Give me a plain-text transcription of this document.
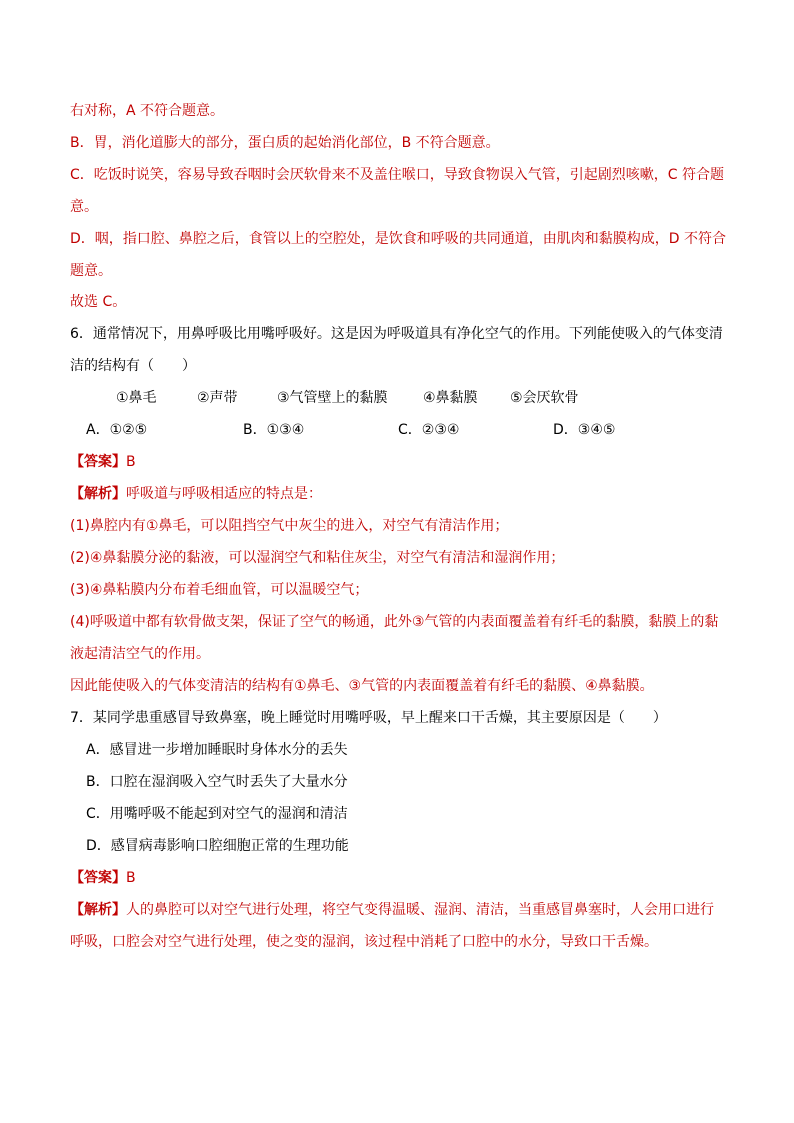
右对称，A 不符合题意。
B．胃，消化道膨大的部分，蛋白质的起始消化部位，B 不符合题意。
C．吃饭时说笑，容易导致吞咽时会厌软骨来不及盖住喉口，导致食物误入气管，引起剧烈咳嗽，C 符合题
意。
D．咽，指口腔、鼻腔之后，食管以上的空腔处，是饮食和呼吸的共同通道，由肌肉和黏膜构成，D 不符合
题意。
故选 C。
6．通常情况下，用鼻呼吸比用嘴呼吸好。这是因为呼吸道具有净化空气的作用。下列能使吸入的气体变清
洁的结构有（　　）
①鼻毛	②声带	③气管壁上的黏膜	④鼻黏膜 ⑤会厌软骨
A．①②⑤	B．①③④	C．②③④	D．③④⑤
【答案】B
【解析】呼吸道与呼吸相适应的特点是：
(1)鼻腔内有①鼻毛，可以阻挡空气中灰尘的进入，对空气有清洁作用；
(2)④鼻黏膜分泌的黏液，可以湿润空气和粘住灰尘，对空气有清洁和湿润作用；
(3)④鼻粘膜内分布着毛细血管，可以温暖空气；
(4)呼吸道中都有软骨做支架，保证了空气的畅通，此外③气管的内表面覆盖着有纤毛的黏膜，黏膜上的黏
液起清洁空气的作用。
因此能使吸入的气体变清洁的结构有①鼻毛、③气管的内表面覆盖着有纤毛的黏膜、④鼻黏膜。
7．某同学患重感冒导致鼻塞，晚上睡觉时用嘴呼吸，早上醒来口干舌燥，其主要原因是（　　）
A．感冒进一步增加睡眠时身体水分的丢失
B．口腔在湿润吸入空气时丢失了大量水分
C．用嘴呼吸不能起到对空气的湿润和清洁
D．感冒病毒影响口腔细胞正常的生理功能
【答案】B
【解析】人的鼻腔可以对空气进行处理，将空气变得温暖、湿润、清洁，当重感冒鼻塞时，人会用口进行
呼吸，口腔会对空气进行处理，使之变的湿润，该过程中消耗了口腔中的水分，导致口干舌燥。
